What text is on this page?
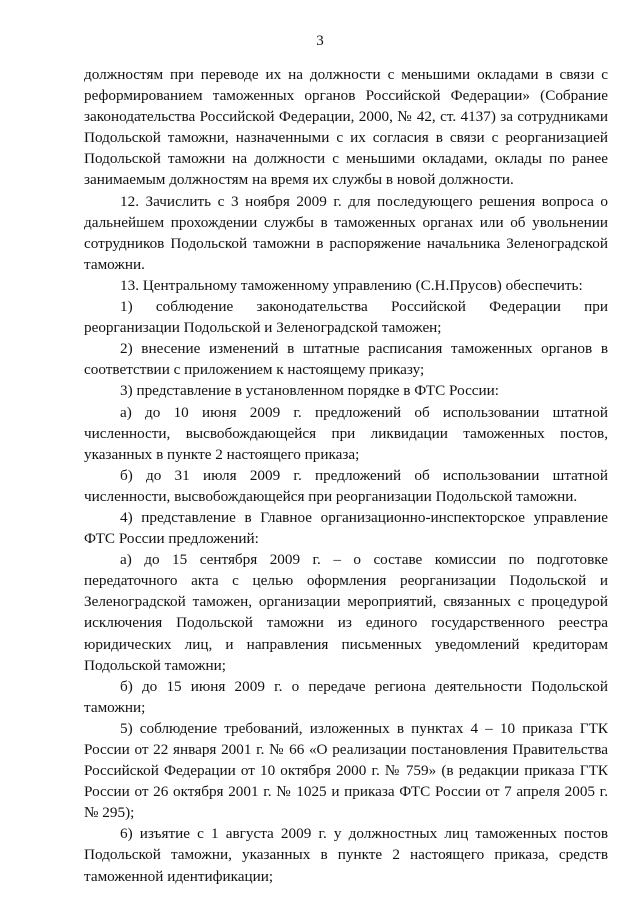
3

должностям при переводе их на должности с меньшими окладами в связи с реформированием таможенных органов Российской Федерации» (Собрание законодательства Российской Федерации, 2000, № 42, ст. 4137) за сотрудниками Подольской таможни, назначенными с их согласия в связи с реорганизацией Подольской таможни на должности с меньшими окладами, оклады по ранее занимаемым должностям на время их службы в новой должности.

12. Зачислить с 3 ноября 2009 г. для последующего решения вопроса о дальнейшем прохождении службы в таможенных органах или об увольнении сотрудников Подольской таможни в распоряжение начальника Зеленоградской таможни.

13. Центральному таможенному управлению (С.Н.Прусов) обеспечить:

1) соблюдение законодательства Российской Федерации при реорганизации Подольской и Зеленоградской таможен;

2) внесение изменений в штатные расписания таможенных органов в соответствии с приложением к настоящему приказу;

3) представление в установленном порядке в ФТС России:

а) до 10 июня 2009 г. предложений об использовании штатной численности, высвобождающейся при ликвидации таможенных постов, указанных в пункте 2 настоящего приказа;

б) до 31 июля 2009 г. предложений об использовании штатной численности, высвобождающейся при реорганизации Подольской таможни.

4) представление в Главное организационно-инспекторское управление ФТС России предложений:

а) до 15 сентября 2009 г. – о составе комиссии по подготовке передаточного акта с целью оформления реорганизации Подольской и Зеленоградской таможен, организации мероприятий, связанных с процедурой исключения Подольской таможни из единого государственного реестра юридических лиц, и направления письменных уведомлений кредиторам Подольской таможни;

б) до 15 июня 2009 г. о передаче региона деятельности Подольской таможни;

5) соблюдение требований, изложенных в пунктах 4 – 10 приказа ГТК России от 22 января 2001 г. № 66 «О реализации постановления Правительства Российской Федерации от 10 октября 2000 г. № 759» (в редакции приказа ГТК России от 26 октября 2001 г. № 1025 и приказа ФТС России от 7 апреля 2005 г. № 295);

6) изъятие с 1 августа 2009 г. у должностных лиц таможенных постов Подольской таможни, указанных в пункте 2 настоящего приказа, средств таможенной идентификации;
